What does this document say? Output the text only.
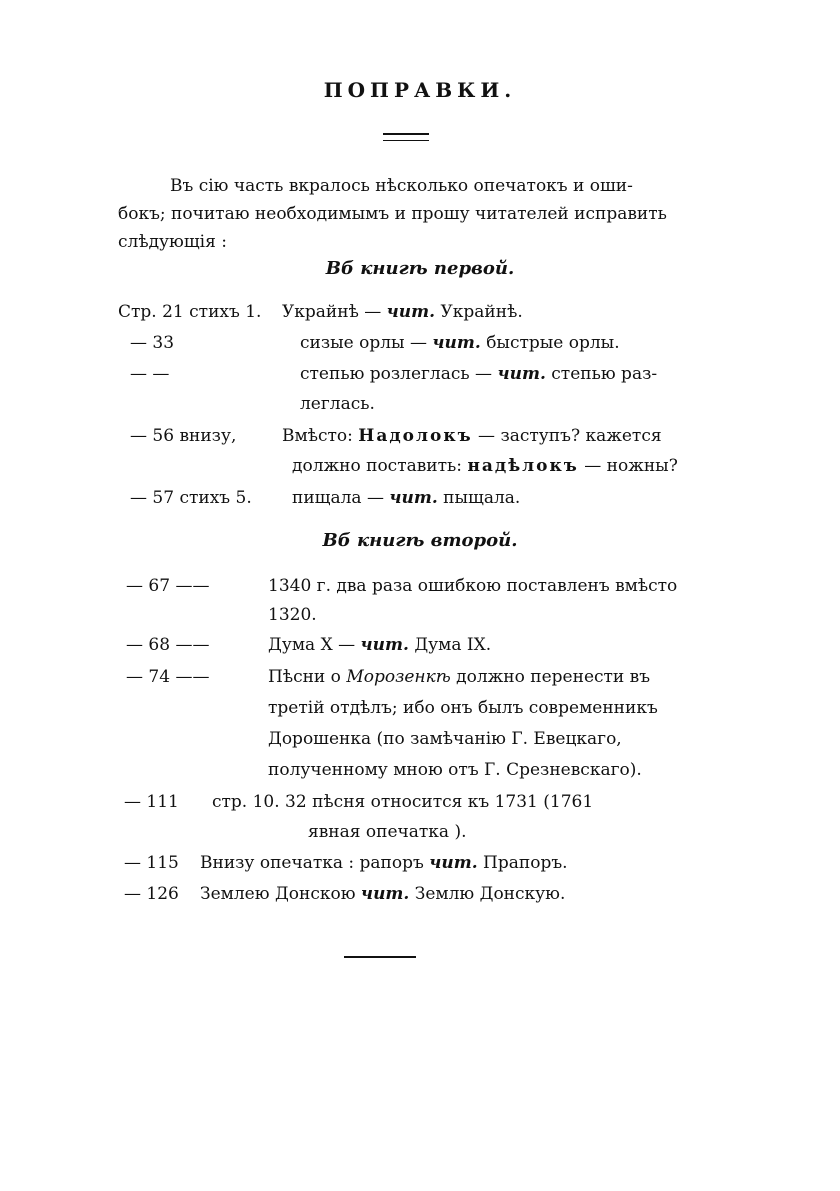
ПОПРАВКИ.
Въ сію часть вкралось нѣсколько опечатокъ и оши-
бокъ; почитаю необходимымъ и прошу читателей исправить
слѣдующія :
Вб книгѣ первой.
Стр. 21 стихъ 1. Украйнѣ — чит. Украйнѣ.
— 33	сизые орлы — чит. быстрые орлы.
— —	степью розлеглась — чит. степью раз-
леглась.
— 56 внизу,	Вмѣсто: Надолокъ — заступъ? кажется
должно поставить: надѣлокъ — ножны?
— 57 стихъ 5. пищала — чит. пыщала.
Вб книгѣ второй.
— 67 ——	1340 г. два раза ошибкою поставленъ вмѣсто
1320.
— 68 ——	Дума X — чит. Дума IX.
— 74 ——	Пѣсни о Морозенкѣ должно перенести въ
третій отдѣлъ; ибо онъ былъ современникъ
Дорошенка (по замѣчанію Г. Евецкаго,
полученному мною отъ Г. Срезневскаго).
— 111 стр. 10. 32 пѣсня относится къ 1731 (1761
явная опечатка ).
— 115 Внизу опечатка : рапоръ чит. Прапоръ.
— 126 Землею Донскою чит. Землю Донскую.
